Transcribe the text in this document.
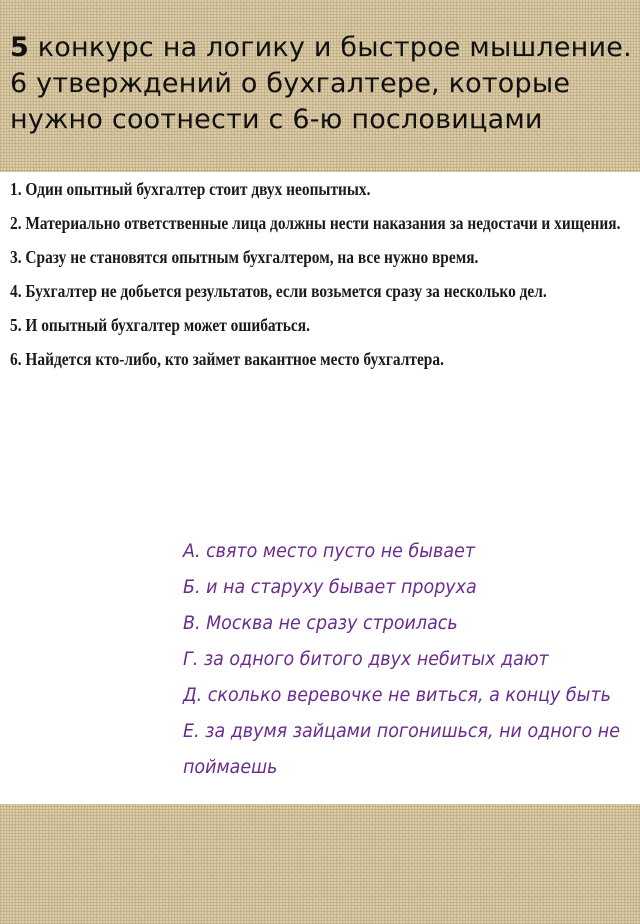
5 конкурс на логику и быстрое мышление.
6 утверждений о бухгалтере, которые нужно соотнести с 6-ю пословицами
1. Один опытный бухгалтер стоит двух неопытных.
2. Материально ответственные лица должны нести наказания за недостачи и хищения.
3. Сразу не становятся опытным бухгалтером, на все нужно время.
4. Бухгалтер не добьется результатов, если возьмется сразу за несколько дел.
5. И опытный бухгалтер может ошибаться.
6. Найдется кто-либо, кто займет вакантное место бухгалтера.
А. свято место пусто не бывает
Б. и на старуху бывает проруха
В. Москва не сразу строилась
Г. за одного битого двух небитых дают
Д. сколько веревочке не виться, а концу быть
Е. за двумя зайцами погонишься, ни одного не поймаешь
